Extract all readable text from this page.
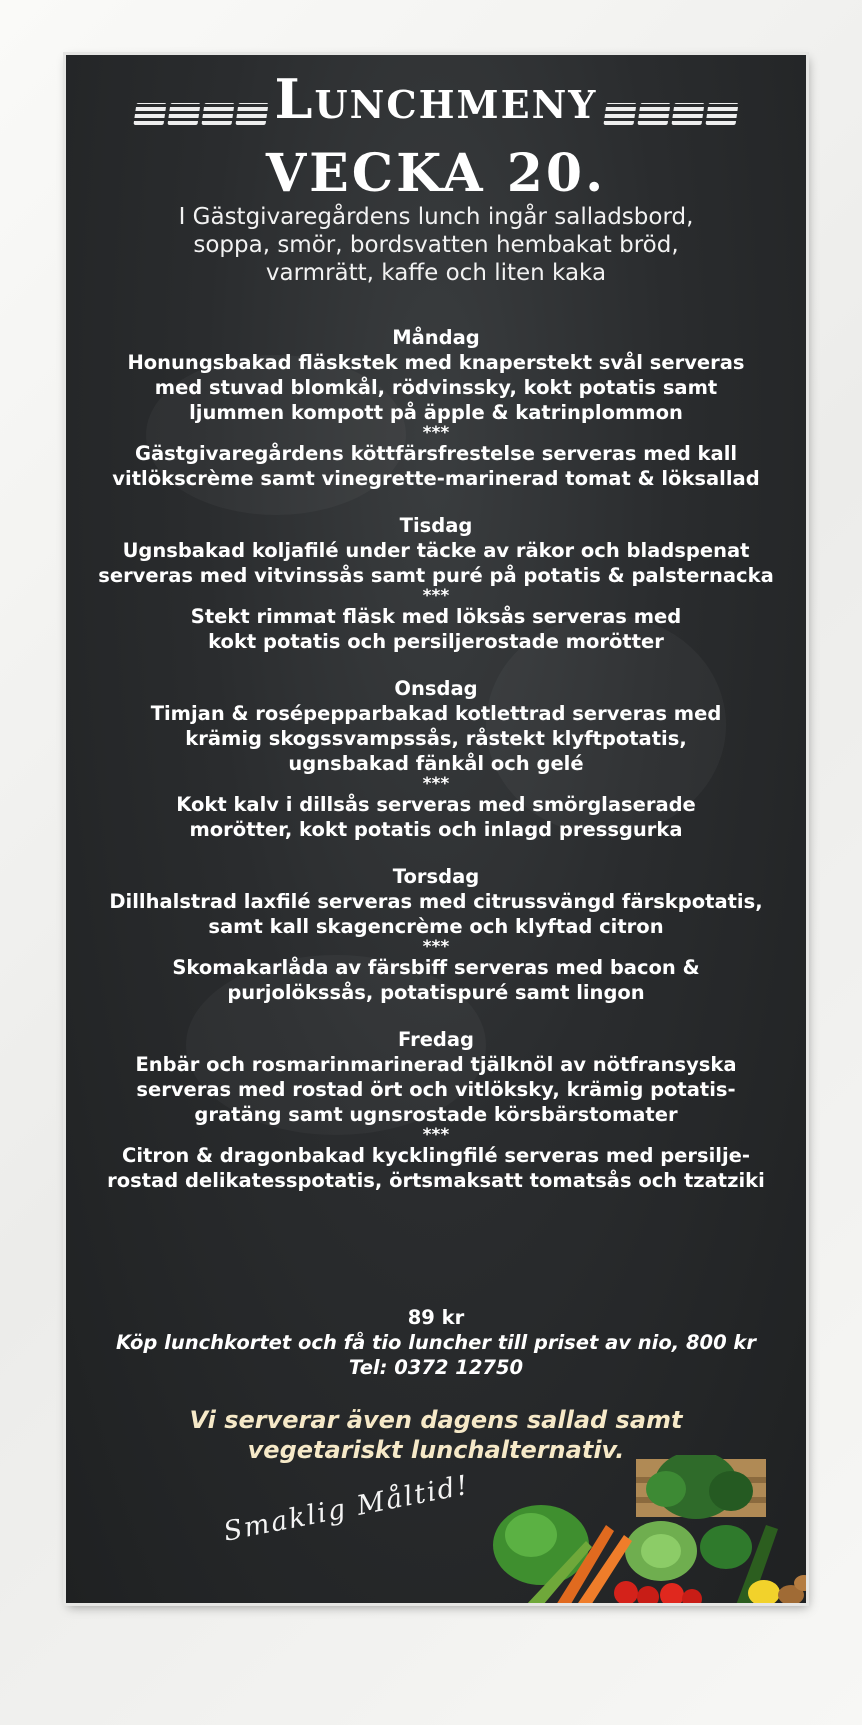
Lunchmeny
VECKA 20.
I Gästgivaregårdens lunch ingår salladsbord,
soppa, smör, bordsvatten hembakat bröd,
varmrätt, kaffe och liten kaka
Måndag
Honungsbakad fläskstek med knaperstekt svål serveras
med stuvad blomkål, rödvinssky, kokt potatis samt
ljummen kompott på äpple & katrinplommon
***
Gästgivaregårdens köttfärsfrestelse serveras med kall
vitlökscrème samt vinegrette-marinerad tomat & löksallad
Tisdag
Ugnsbakad koljafilé under täcke av räkor och bladspenat
serveras med vitvinssås samt puré på potatis & palsternacka
***
Stekt rimmat fläsk med löksås serveras med
kokt potatis och persiljerostade morötter
Onsdag
Timjan & rosépepparbakad kotlettrad serveras med
krämig skogssvampssås, råstekt klyftpotatis,
ugnsbakad fänkål och gelé
***
Kokt kalv i dillsås serveras med smörglaserade
morötter, kokt potatis och inlagd pressgurka
Torsdag
Dillhalstrad laxfilé serveras med citrussvängd färskpotatis,
samt kall skagencrème och klyftad citron
***
Skomakarlåda av färsbiff serveras med bacon &
purjolökssås, potatispuré samt lingon
Fredag
Enbär och rosmarinmarinerad tjälknöl av nötfransyska
serveras med rostad ört och vitlöksky, krämig potatis-
gratäng samt ugnsrostade körsbärstomater
***
Citron & dragonbakad kycklingfilé serveras med persilje-
rostad delikatesspotatis, örtsmaksatt tomatsås och tzatziki
89 kr
Köp lunchkortet och få tio luncher till priset av nio, 800 kr
Tel: 0372 12750
Vi serverar även dagens sallad samt
vegetariskt lunchalternativ.
Smaklig Måltid!
